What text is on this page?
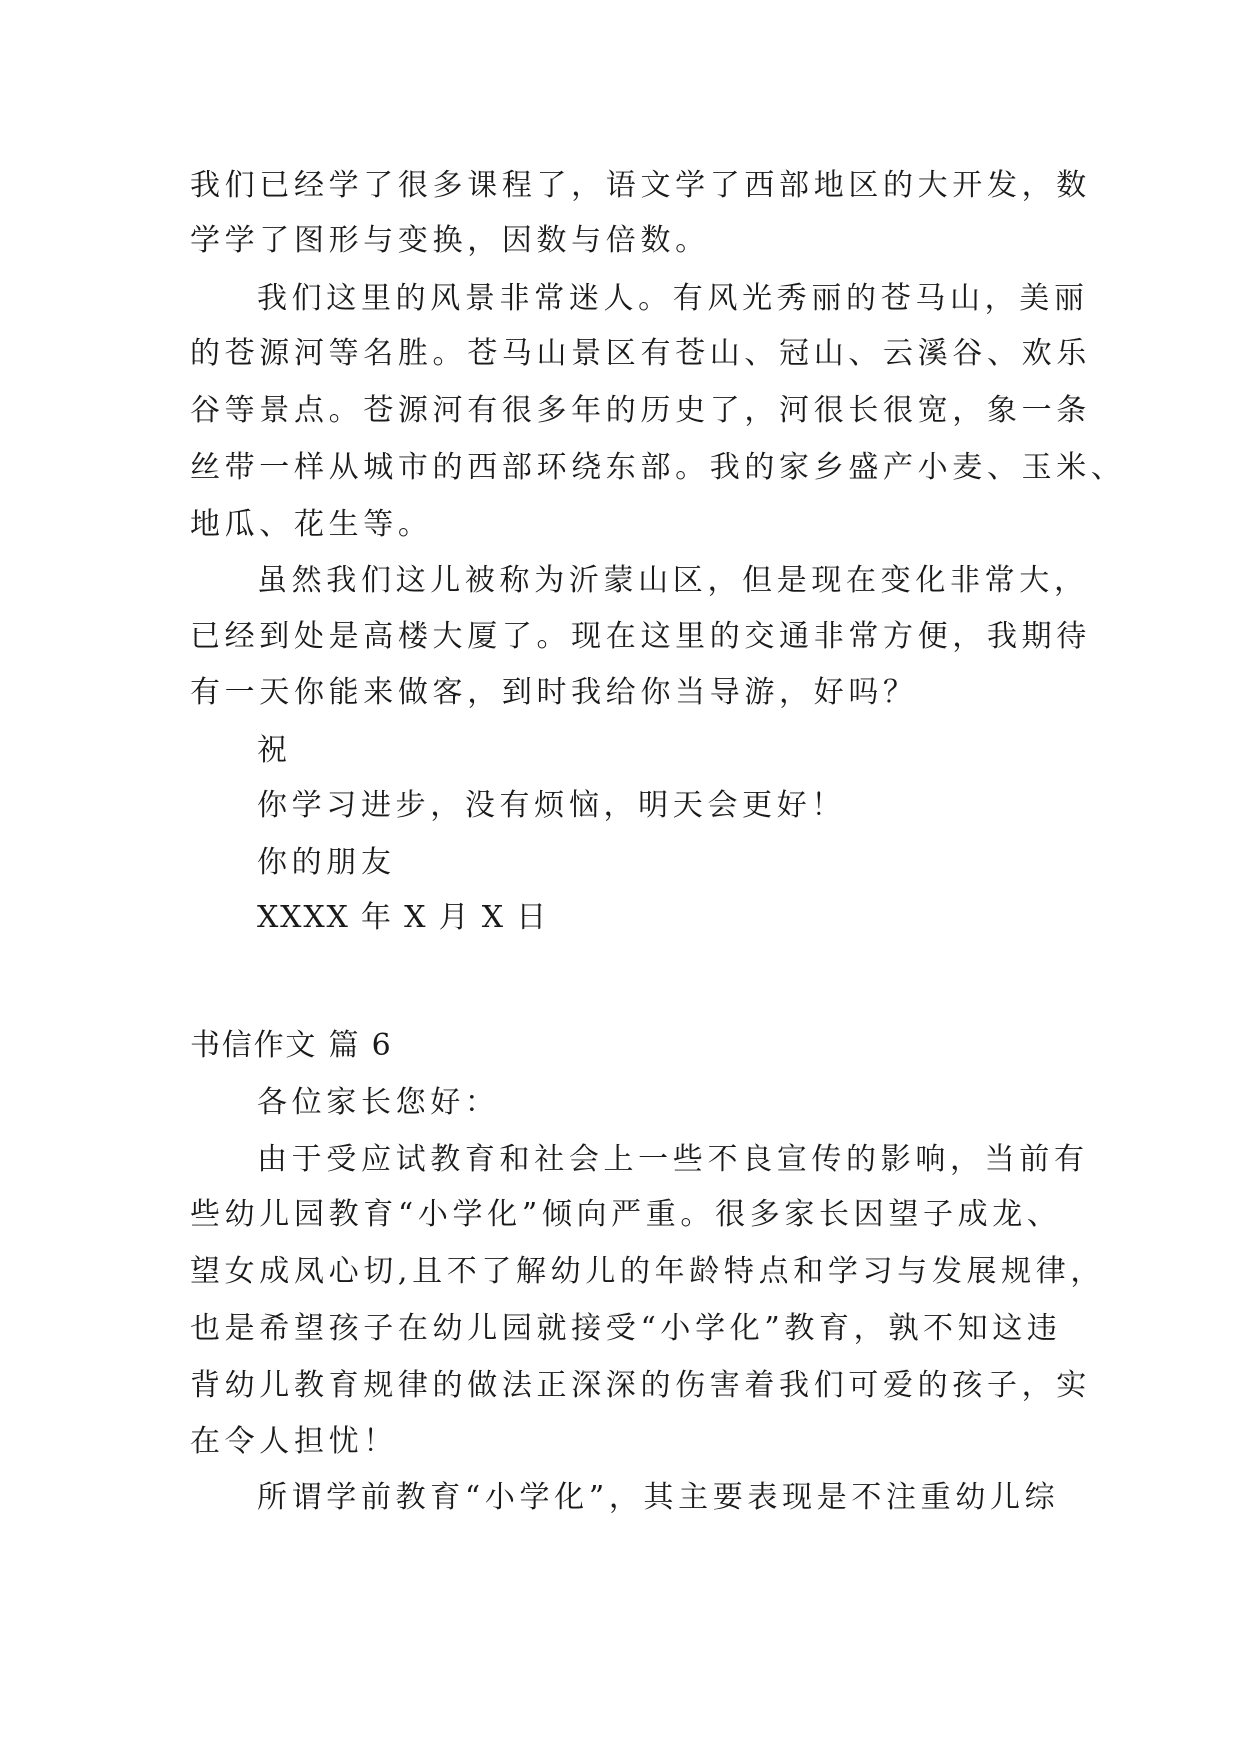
我们已经学了很多课程了，语文学了西部地区的大开发，数
学学了图形与变换，因数与倍数。
我们这里的风景非常迷人。有风光秀丽的苍马山，美丽
的苍源河等名胜。苍马山景区有苍山、冠山、云溪谷、欢乐
谷等景点。苍源河有很多年的历史了，河很长很宽，象一条
丝带一样从城市的西部环绕东部。我的家乡盛产小麦、玉米、
地瓜、花生等。
虽然我们这儿被称为沂蒙山区，但是现在变化非常大，
已经到处是高楼大厦了。现在这里的交通非常方便，我期待
有一天你能来做客，到时我给你当导游，好吗？
祝
你学习进步，没有烦恼，明天会更好！
你的朋友
XXXX 年 X 月 X 日
书信作文 篇 6
各位家长您好：
由于受应试教育和社会上一些不良宣传的影响，当前有
些幼儿园教育“小学化”倾向严重。很多家长因望子成龙、
望女成凤心切,且不了解幼儿的年龄特点和学习与发展规律，
也是希望孩子在幼儿园就接受“小学化”教育，孰不知这违
背幼儿教育规律的做法正深深的伤害着我们可爱的孩子，实
在令人担忧！
所谓学前教育“小学化”，其主要表现是不注重幼儿综
